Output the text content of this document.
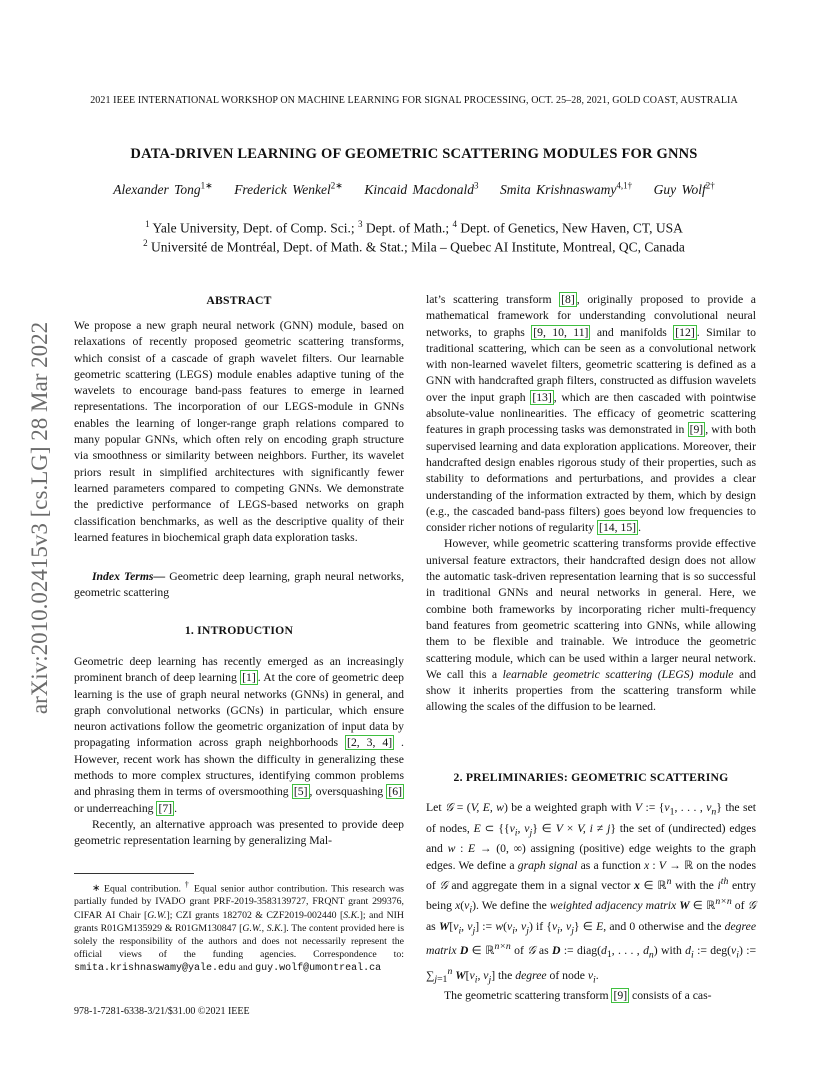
2021 IEEE INTERNATIONAL WORKSHOP ON MACHINE LEARNING FOR SIGNAL PROCESSING, OCT. 25–28, 2021, GOLD COAST, AUSTRALIA
DATA-DRIVEN LEARNING OF GEOMETRIC SCATTERING MODULES FOR GNNS
Alexander Tong$^{1∗}$ Frederick Wenkel$^{2∗}$ Kincaid Macdonald$^3$ Smita Krishnaswamy$^{4,1\dagger}$ Guy Wolf$^{2\dagger}$
$^1$ Yale University, Dept. of Comp. Sci.; $^3$ Dept. of Math.; $^4$ Dept. of Genetics, New Haven, CT, USA
$^2$ Université de Montréal, Dept. of Math. & Stat.; Mila – Quebec AI Institute, Montreal, QC, Canada
arXiv:2010.02415v3 [cs.LG] 28 Mar 2022
ABSTRACT

We propose a new graph neural network (GNN) module, based on relaxations of recently proposed geometric scattering transforms, which consist of a cascade of graph wavelet filters. Our learnable geometric scattering (LEGS) module enables adaptive tuning of the wavelets to encourage band-pass features to emerge in learned representations. The incorporation of our LEGS-module in GNNs enables the learning of longer-range graph relations compared to many popular GNNs, which often rely on encoding graph structure via smoothness or similarity between neighbors. Further, its wavelet priors result in simplified architectures with significantly fewer learned parameters compared to competing GNNs. We demonstrate the predictive performance of LEGS-based networks on graph classification benchmarks, as well as the descriptive quality of their learned features in biochemical graph data exploration tasks.

Index Terms— Geometric deep learning, graph neural networks, geometric scattering

1. INTRODUCTION

Geometric deep learning has recently emerged as an increasingly prominent branch of deep learning [1] . At the core of geometric deep learning is the use of graph neural networks (GNNs) in general, and graph convolutional networks (GCNs) in particular, which ensure neuron activations follow the geometric organization of input data by propagating information across graph neighborhoods [2, 3, 4] . However, recent work has shown the difficulty in generalizing these methods to more complex structures, identifying common problems and phrasing them in terms of oversmoothing [5] , oversquashing [6] or underreaching [7] .

Recently, an alternative approach was presented to provide deep geometric representation learning by generalizing Mal-

∗ Equal contribution. † Equal senior author contribution. This research was partially funded by IVADO grant PRF-2019-3583139727, FRQNT grant 299376, CIFAR AI Chair [G.W.]; CZI grants 182702 & CZF2019-002440 [S.K.]; and NIH grants R01GM135929 & R01GM130847 [G.W., S.K.]. The content provided here is solely the responsibility of the authors and does not necessarily represent the official views of the funding agencies. Correspondence to: smita.krishnaswamy@yale.edu and guy.wolf@umontreal.ca
978-1-7281-6338-3/21/$31.00 ©2021 IEEE

lat’s scattering transform [8] , originally proposed to provide a mathematical framework for understanding convolutional neural networks, to graphs [9, 10, 11] and manifolds [12] . Similar to traditional scattering, which can be seen as a convolutional network with non-learned wavelet filters, geometric scattering is defined as a GNN with handcrafted graph filters, constructed as diffusion wavelets over the input graph [13] , which are then cascaded with pointwise absolute-value nonlinearities. The efficacy of geometric scattering features in graph processing tasks was demonstrated in [9] , with both supervised learning and data exploration applications. Moreover, their handcrafted design enables rigorous study of their properties, such as stability to deformations and perturbations, and provides a clear understanding of the information extracted by them, which by design (e.g., the cascaded band-pass filters) goes beyond low frequencies to consider richer notions of regularity [14, 15] .

However, while geometric scattering transforms provide effective universal feature extractors, their handcrafted design does not allow the automatic task-driven representation learning that is so successful in traditional GNNs and neural networks in general. Here, we combine both frameworks by incorporating richer multi-frequency band features from geometric scattering into GNNs, while allowing them to be flexible and trainable. We introduce the geometric scattering module, which can be used within a larger neural network. We call this a learnable geometric scattering (LEGS) module and show it inherits properties from the scattering transform while allowing the scales of the diffusion to be learned.

2. PRELIMINARIES: GEOMETRIC SCATTERING

Let 𝒢 = (V, E, w) be a weighted graph with V := {$v_1$, . . . , $v_n$} the set of nodes, E ⊂ {{$v_i$, $v_j$} ∈ V × V, i ≠ j} the set of (undirected) edges and w : E → (0, ∞) assigning (positive) edge weights to the graph edges. We define a graph signal as a function x : V → ℝ on the nodes of 𝒢 and aggregate them in a signal vector x ∈ ℝ$^n$ with the $i^{th}$ entry being $x(v_i)$. We define the weighted adjacency matrix W ∈ ℝ$^{n\times n}$ of 𝒢 as $W[v_i$, $v_j$] := $w(v_i$, $v_j$) if {$v_i$, $v_j$} ∈ E, and 0 otherwise and the degree matrix D ∈ ℝ$^{n\times n}$ of 𝒢 as D := $diag(d_1$, . . . , $d_n$) with $d_i$ := $deg(v_i)$ := $\sum_{j=1}^n$ $W[v_i$, $v_j$] the degree of node $v_i$.

The geometric scattering transform [9] consists of a cas-
